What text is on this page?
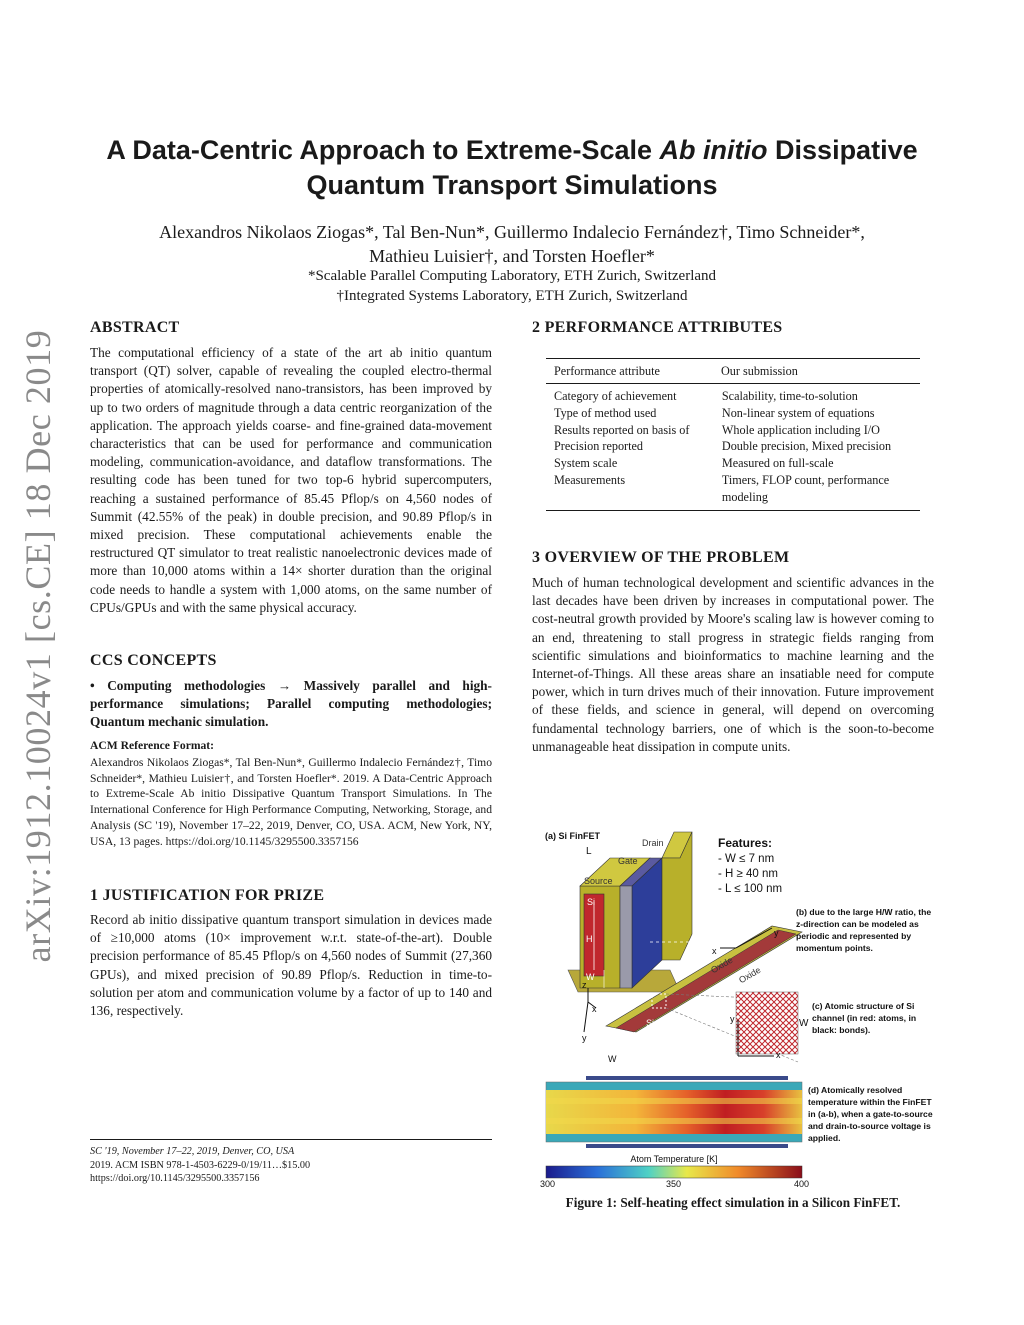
arXiv:1912.10024v1 [cs.CE] 18 Dec 2019
A Data-Centric Approach to Extreme-Scale Ab initio Dissipative
Quantum Transport Simulations
Alexandros Nikolaos Ziogas*, Tal Ben-Nun*, Guillermo Indalecio Fernández†, Timo Schneider*,
Mathieu Luisier†, and Torsten Hoefler*
*Scalable Parallel Computing Laboratory, ETH Zurich, Switzerland
†Integrated Systems Laboratory, ETH Zurich, Switzerland
ABSTRACT
The computational efficiency of a state of the art ab initio quantum transport (QT) solver, capable of revealing the coupled electro-thermal properties of atomically-resolved nano-transistors, has been improved by up to two orders of magnitude through a data centric reorganization of the application. The approach yields coarse- and fine-grained data-movement characteristics that can be used for performance and communication modeling, communication-avoidance, and dataflow transformations. The resulting code has been tuned for two top-6 hybrid supercomputers, reaching a sustained performance of 85.45 Pflop/s on 4,560 nodes of Summit (42.55% of the peak) in double precision, and 90.89 Pflop/s in mixed precision. These computational achievements enable the restructured QT simulator to treat realistic nanoelectronic devices made of more than 10,000 atoms within a 14× shorter duration than the original code needs to handle a system with 1,000 atoms, on the same number of CPUs/GPUs and with the same physical accuracy.
CCS CONCEPTS
• Computing methodologies → Massively parallel and high-performance simulations; Parallel computing methodologies; Quantum mechanic simulation.
ACM Reference Format:
Alexandros Nikolaos Ziogas*, Tal Ben-Nun*, Guillermo Indalecio Fernández†, Timo Schneider*, Mathieu Luisier†, and Torsten Hoefler*. 2019. A Data-Centric Approach to Extreme-Scale Ab initio Dissipative Quantum Transport Simulations. In The International Conference for High Performance Computing, Networking, Storage, and Analysis (SC '19), November 17–22, 2019, Denver, CO, USA. ACM, New York, NY, USA, 13 pages. https://doi.org/10.1145/3295500.3357156
1 JUSTIFICATION FOR PRIZE
Record ab initio dissipative quantum transport simulation in devices made of ≥10,000 atoms (10× improvement w.r.t. state-of-the-art). Double precision performance of 85.45 Pflop/s on 4,560 nodes of Summit (27,360 GPUs), and mixed precision of 90.89 Pflop/s. Reduction in time-to-solution per atom and communication volume by a factor of up to 140 and 136, respectively.
SC '19, November 17–22, 2019, Denver, CO, USA
2019. ACM ISBN 978-1-4503-6229-0/19/11…$15.00
https://doi.org/10.1145/3295500.3357156
2 PERFORMANCE ATTRIBUTES
Performance attribute	Our submission
Category of achievement	Scalability, time-to-solution
Type of method used	Non-linear system of equations
Results reported on basis of	Whole application including I/O
Precision reported	Double precision, Mixed precision
System scale	Measured on full-scale
Measurements	Timers, FLOP count, performance modeling
3 OVERVIEW OF THE PROBLEM
Much of human technological development and scientific advances in the last decades have been driven by increases in computational power. The cost-neutral growth provided by Moore's scaling law is however coming to an end, threatening to stall progress in strategic fields ranging from scientific simulations and bioinformatics to machine learning and the Internet-of-Things. All these areas share an insatiable need for compute power, which in turn drives much of their innovation. Future improvement of these fields, and science in general, will depend on overcoming fundamental technology barriers, one of which is the soon-to-become unmanageable heat dissipation in compute units.
(a) Si FinFET
L
Drain
Gate
Source
Si
H
W
z
x
y
W
Si
x
y
Oxide Oxide
y
x
W
Features:
- W ≤ 7 nm
- H ≥ 40 nm
- L ≤ 100 nm
(b) due to the large H/W ratio, the z-direction can be modeled as periodic and represented by momentum points.
(c) Atomic structure of Si channel (in red: atoms, in black: bonds).
(d) Atomically resolved temperature within the FinFET in (a-b), when a gate-to-source and drain-to-source voltage is applied.
Atom Temperature [K]
300	350	400
Figure 1: Self-heating effect simulation in a Silicon FinFET.
